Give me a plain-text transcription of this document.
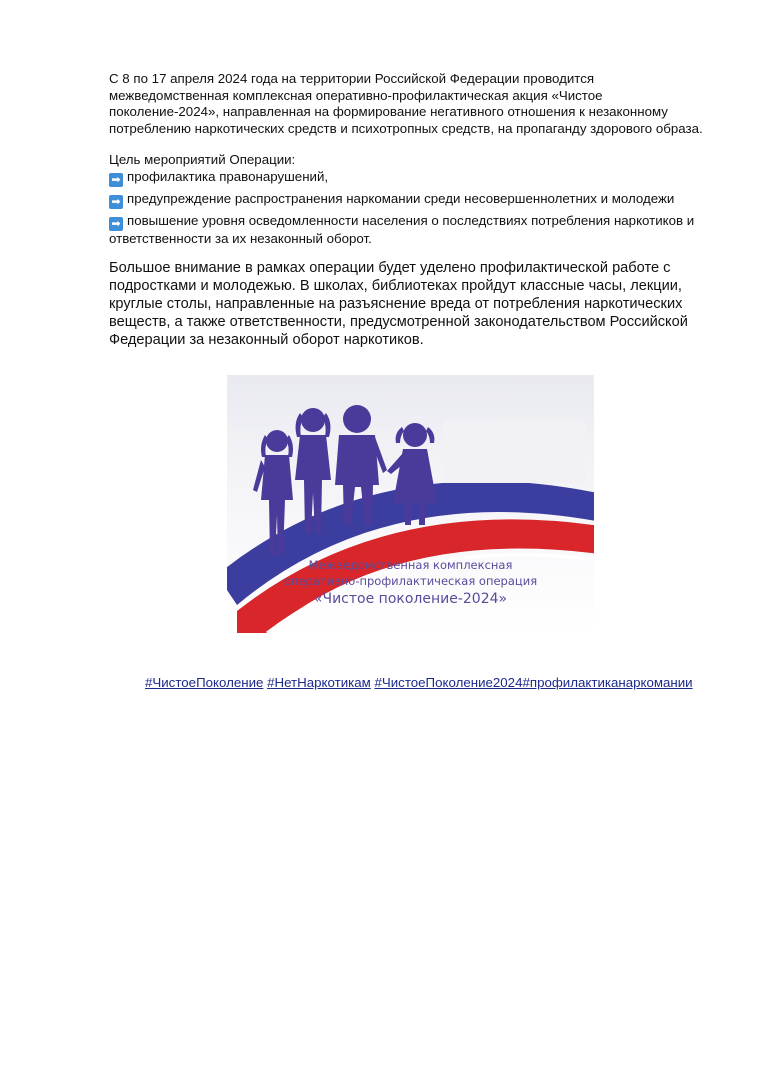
С 8 по 17 апреля 2024 года на территории Российской Федерации проводится межведомственная комплексная оперативно-профилактическая акция «Чистое поколение-2024», направленная на формирование негативного отношения к незаконному потреблению наркотических средств и психотропных средств, на пропаганду здорового образа.

Цель мероприятий Операции:

➡ профилактика правонарушений,
➡ предупреждение распространения наркомании среди несовершеннолетних и молодежи
➡ повышение уровня осведомленности населения о последствиях потребления наркотиков и ответственности за их незаконный оборот.

Большое внимание в рамках операции будет уделено профилактической работе с подростками и молодежью. В школах, библиотеках пройдут классные часы, лекции, круглые столы, направленные на разъяснение вреда от потребления наркотических веществ, а также ответственности, предусмотренной законодательством Российской Федерации за незаконный оборот наркотиков.

Межведомственная комплексная
оперативно-профилактическая операция
«Чистое поколение-2024»

#ЧистоеПоколение #НетНаркотикам #ЧистоеПоколение2024#профилактиканаркомании
